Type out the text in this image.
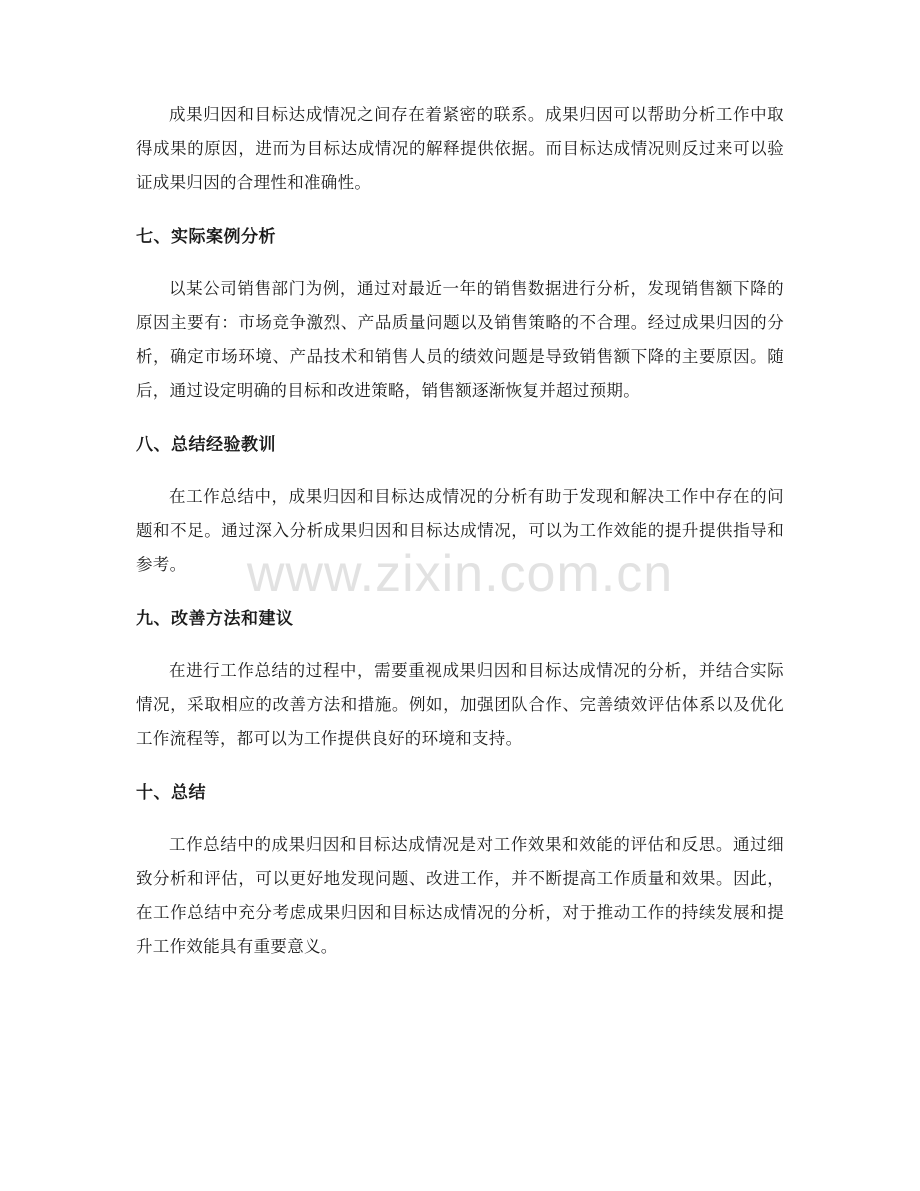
成果归因和目标达成情况之间存在着紧密的联系。成果归因可以帮助分析工作中取得成果的原因，进而为目标达成情况的解释提供依据。而目标达成情况则反过来可以验证成果归因的合理性和准确性。

七、实际案例分析

以某公司销售部门为例，通过对最近一年的销售数据进行分析，发现销售额下降的原因主要有：市场竞争激烈、产品质量问题以及销售策略的不合理。经过成果归因的分析，确定市场环境、产品技术和销售人员的绩效问题是导致销售额下降的主要原因。随后，通过设定明确的目标和改进策略，销售额逐渐恢复并超过预期。

八、总结经验教训

在工作总结中，成果归因和目标达成情况的分析有助于发现和解决工作中存在的问题和不足。通过深入分析成果归因和目标达成情况，可以为工作效能的提升提供指导和参考。

九、改善方法和建议

在进行工作总结的过程中，需要重视成果归因和目标达成情况的分析，并结合实际情况，采取相应的改善方法和措施。例如，加强团队合作、完善绩效评估体系以及优化工作流程等，都可以为工作提供良好的环境和支持。

十、总结

工作总结中的成果归因和目标达成情况是对工作效果和效能的评估和反思。通过细致分析和评估，可以更好地发现问题、改进工作，并不断提高工作质量和效果。因此，在工作总结中充分考虑成果归因和目标达成情况的分析，对于推动工作的持续发展和提升工作效能具有重要意义。

www.zixin.com.cn
